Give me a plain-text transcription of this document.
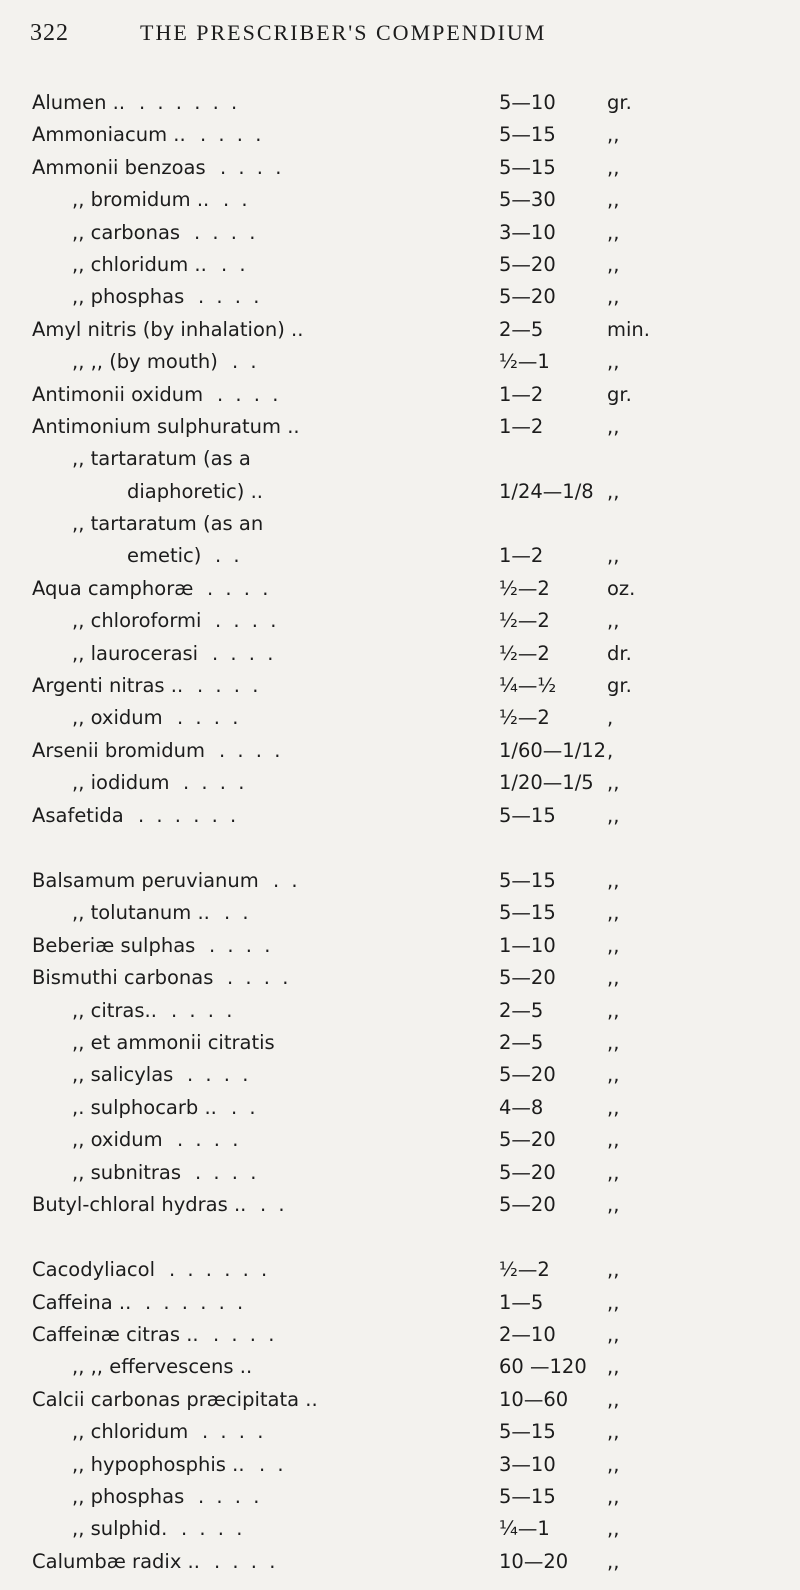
322	THE PRESCRIBER'S COMPENDIUM
Alumen .. . . . . . .	5—10	gr.
Ammoniacum .. . . . .	5—15	,,
Ammonii benzoas . . . .	5—15	,,
,, bromidum .. . .	5—30	,,
,, carbonas . . . .	3—10	,,
,, chloridum .. . .	5—20	,,
,, phosphas . . . .	5—20	,,
Amyl nitris (by inhalation) ..	2—5	min.
,, ,, (by mouth) . .	½—1	,,
Antimonii oxidum . . . .	1—2	gr.
Antimonium sulphuratum ..	1—2	,,
,, tartaratum (as a
diaphoretic) ..	1/24—1/8 ,,
,, tartaratum (as an
emetic) . .	1—2	,,
Aqua camphoræ . . . .	½—2	oz.
,, chloroformi . . . .	½—2	,,
,, laurocerasi . . . .	½—2	dr.
Argenti nitras .. . . . .	¼—½	gr.
,, oxidum . . . .	½—2	,
Arsenii bromidum . . . .	1/60—1/12 ,
,, iodidum . . . .	1/20—1/5 ,,
Asafetida . . . . . .	5—15	,,
Balsamum peruvianum . .	5—15	,,
,, tolutanum .. . .	5—15	,,
Beberiæ sulphas . . . .	1—10	,,
Bismuthi carbonas . . . .	5—20	,,
,, citras.. . . . .	2—5	,,
,, et ammonii citratis	2—5	,,
,, salicylas . . . .	5—20	,,
,. sulphocarb .. . .	4—8	,,
,, oxidum . . . .	5—20	,,
,, subnitras . . . .	5—20	,,
Butyl-chloral hydras .. . .	5—20	,,
Cacodyliacol . . . . . .	½—2	,,
Caffeina .. . . . . . .	1—5	,,
Caffeinæ citras .. . . . .	2—10	,,
,, ,, effervescens ..	60 —120 ,,
Calcii carbonas præcipitata ..	10—60 ,,
,, chloridum . . . .	5—15	,,
,, hypophosphis .. . .	3—10	,,
,, phosphas . . . .	5—15	,,
,, sulphid. . . . .	¼—1	,,
Calumbæ radix .. . . . .	10—20 ,,
